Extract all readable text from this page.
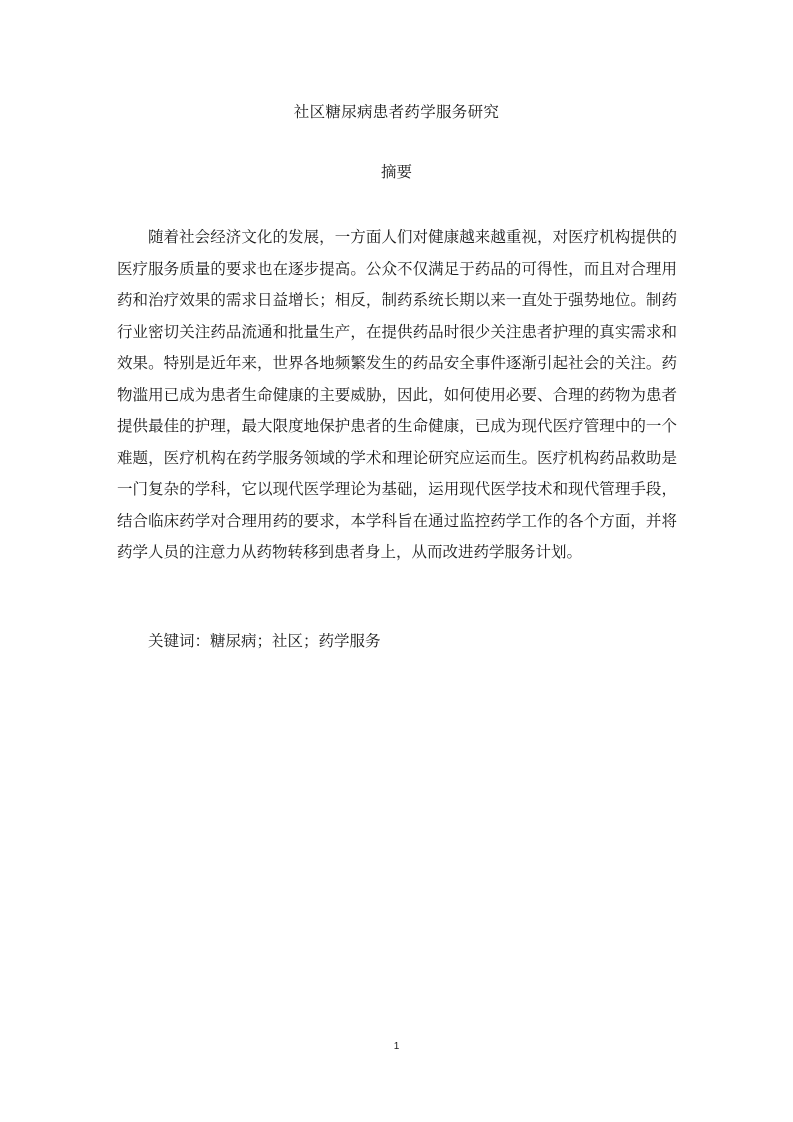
社区糖尿病患者药学服务研究
摘要

随着社会经济文化的发展，一方面人们对健康越来越重视，对医疗机构提供的医疗服务质量的要求也在逐步提高。公众不仅满足于药品的可得性，而且对合理用药和治疗效果的需求日益增长；相反，制药系统长期以来一直处于强势地位。制药行业密切关注药品流通和批量生产，在提供药品时很少关注患者护理的真实需求和效果。特别是近年来，世界各地频繁发生的药品安全事件逐渐引起社会的关注。药物滥用已成为患者生命健康的主要威胁，因此，如何使用必要、合理的药物为患者提供最佳的护理，最大限度地保护患者的生命健康，已成为现代医疗管理中的一个难题，医疗机构在药学服务领域的学术和理论研究应运而生。医疗机构药品救助是一门复杂的学科，它以现代医学理论为基础，运用现代医学技术和现代管理手段，结合临床药学对合理用药的要求，本学科旨在通过监控药学工作的各个方面，并将药学人员的注意力从药物转移到患者身上，从而改进药学服务计划。

关键词：糖尿病；社区；药学服务
1
